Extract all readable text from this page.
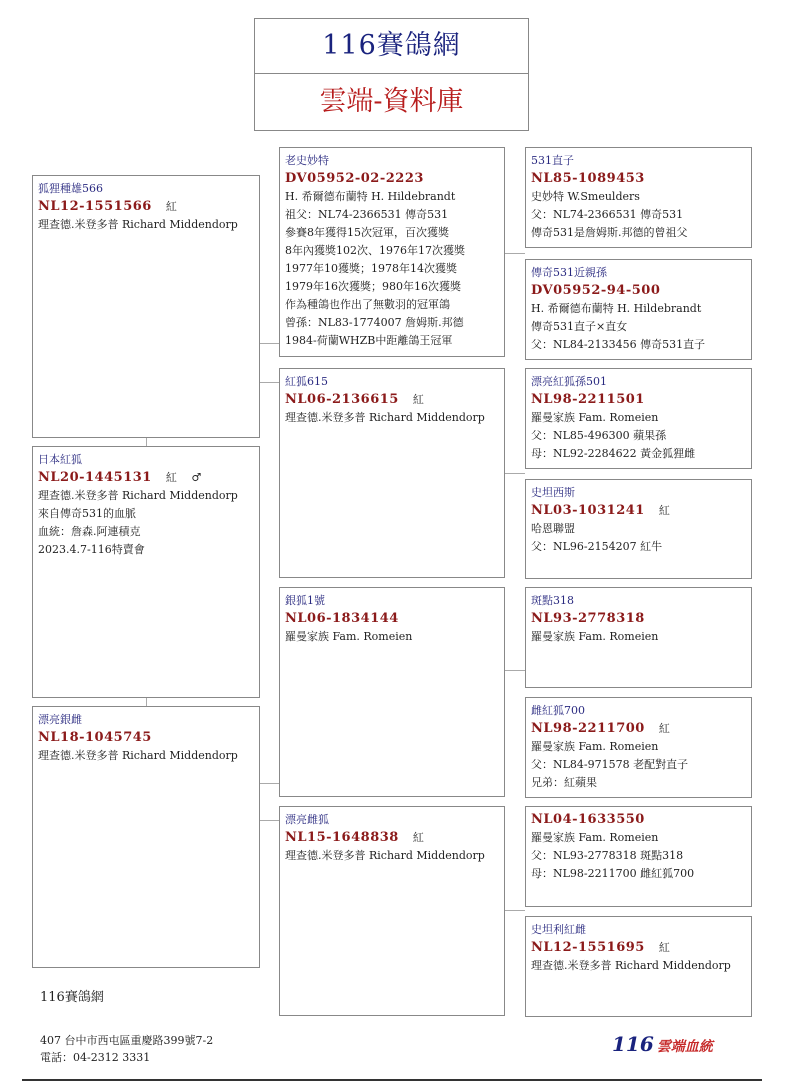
116賽鴿網
雲端-資料庫
狐狸種雄566
NL12-1551566 紅
理查德.米登多普 Richard Middendorp
日本紅狐
NL20-1445131 紅 ♂
理查德.米登多普 Richard Middendorp
來自傳奇531的血脈
血統：詹森.阿連積克
2023.4.7-116特賣會
漂亮銀雌
NL18-1045745
理查德.米登多普 Richard Middendorp
老史妙特
DV05952-02-2223
H. 希爾德布蘭特 H. Hildebrandt
祖父：NL74-2366531 傳奇531
參賽8年獲得15次冠軍，百次獲獎
8年內獲獎102次、1976年17次獲獎
1977年10獲獎；1978年14次獲獎
1979年16次獲獎；980年16次獲獎
作為種鴿也作出了無數羽的冠軍鴿
曾孫：NL83-1774007 詹姆斯.邦德
1984-荷蘭WHZB中距離鴿王冠軍
紅狐615
NL06-2136615 紅
理查德.米登多普 Richard Middendorp
銀狐1號
NL06-1834144
羅曼家族 Fam. Romeien
漂亮雌狐
NL15-1648838 紅
理查德.米登多普 Richard Middendorp
531直子
NL85-1089453
史妙特 W.Smeulders
父：NL74-2366531 傳奇531
傳奇531是詹姆斯.邦德的曾祖父
傳奇531近親孫
DV05952-94-500
H. 希爾德布蘭特 H. Hildebrandt
傳奇531直子×直女
父：NL84-2133456 傳奇531直子
漂亮紅狐孫501
NL98-2211501
羅曼家族 Fam. Romeien
父：NL85-496300 蘋果孫
母：NL92-2284622 黃金狐狸雌
史坦西斯
NL03-1031241 紅
哈恩聯盟
父：NL96-2154207 紅牛
斑點318
NL93-2778318
羅曼家族 Fam. Romeien
雌紅狐700
NL98-2211700 紅
羅曼家族 Fam. Romeien
父：NL84-971578 老配對直子
兄弟：紅蘋果
NL04-1633550
羅曼家族 Fam. Romeien
父：NL93-2778318 斑點318
母：NL98-2211700 雌紅狐700
史坦利紅雌
NL12-1551695 紅
理查德.米登多普 Richard Middendorp
116賽鴿網
407 台中市西屯區重慶路399號7-2
電話：04-2312 3331
116 雲端血統
